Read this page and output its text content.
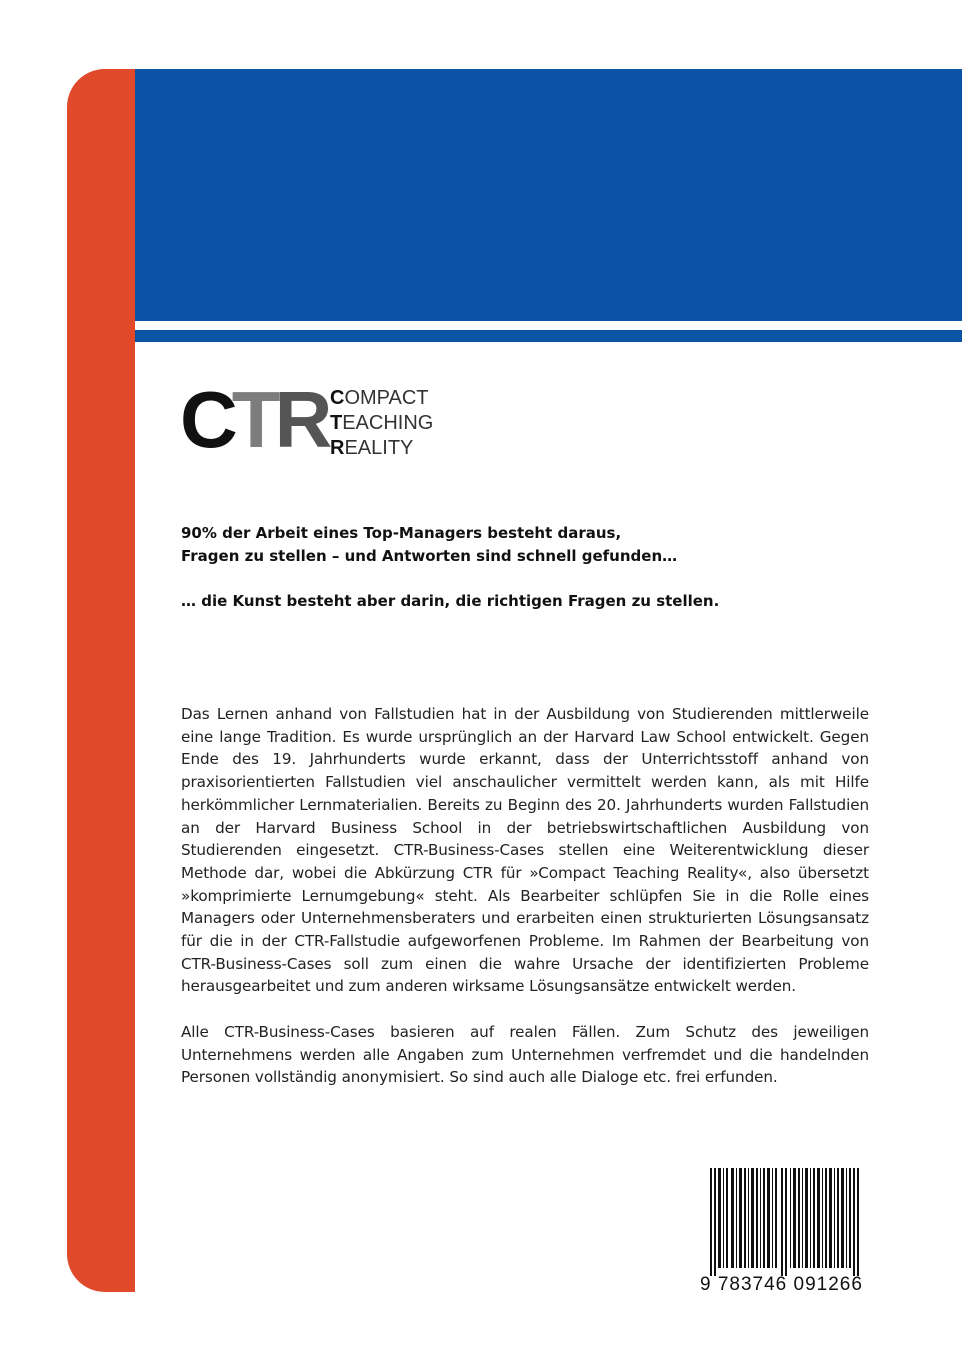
CTR COMPACT
TEACHING
REALITY

90% der Arbeit eines Top-Managers besteht daraus,

Fragen zu stellen – und Antworten sind schnell gefunden…

… die Kunst besteht aber darin, die richtigen Fragen zu stellen.

Das Lernen anhand von Fallstudien hat in der Ausbildung von Studierenden mittlerweile eine lange Tradition. Es wurde ursprünglich an der Harvard Law School entwickelt. Gegen Ende des 19. Jahrhunderts wurde erkannt, dass der Unterrichtsstoff anhand von praxisorientierten Fallstudien viel anschaulicher vermittelt werden kann, als mit Hilfe herkömmlicher Lernmaterialien. Bereits zu Beginn des 20. Jahrhunderts wurden Fallstudien an der Harvard Business School in der betriebswirtschaftlichen Ausbildung von Studierenden eingesetzt. CTR-Business-Cases stellen eine Weiterentwicklung dieser Methode dar, wobei die Abkürzung CTR für »Compact Teaching Reality«, also übersetzt »komprimierte Lernumgebung« steht. Als Bearbeiter schlüpfen Sie in die Rolle eines Managers oder Unternehmensberaters und erarbeiten einen strukturierten Lösungsansatz für die in der CTR-Fallstudie aufgeworfenen Probleme. Im Rahmen der Bearbeitung von CTR-Business-Cases soll zum einen die wahre Ursache der identifizierten Probleme herausgearbeitet und zum anderen wirksame Lösungsansätze entwickelt werden.

Alle CTR-Business-Cases basieren auf realen Fällen. Zum Schutz des jeweiligen Unternehmens werden alle Angaben zum Unternehmen verfremdet und die handelnden Personen vollständig anonymisiert. So sind auch alle Dialoge etc. frei erfunden.

9 783746 091266
